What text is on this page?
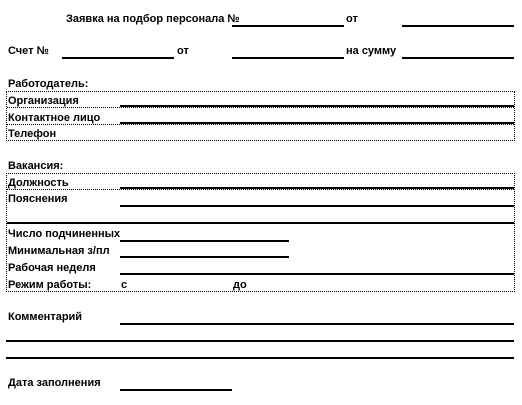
Заявка на подбор персонала №	от
Счет №	от	на сумму
Работодатель:
Организация
Контактное лицо
Телефон
Вакансия:
Должность
Пояснения
Число подчиненных
Минимальная з/пл
Рабочая неделя
Режим работы:	с	до
Комментарий
Дата заполнения
